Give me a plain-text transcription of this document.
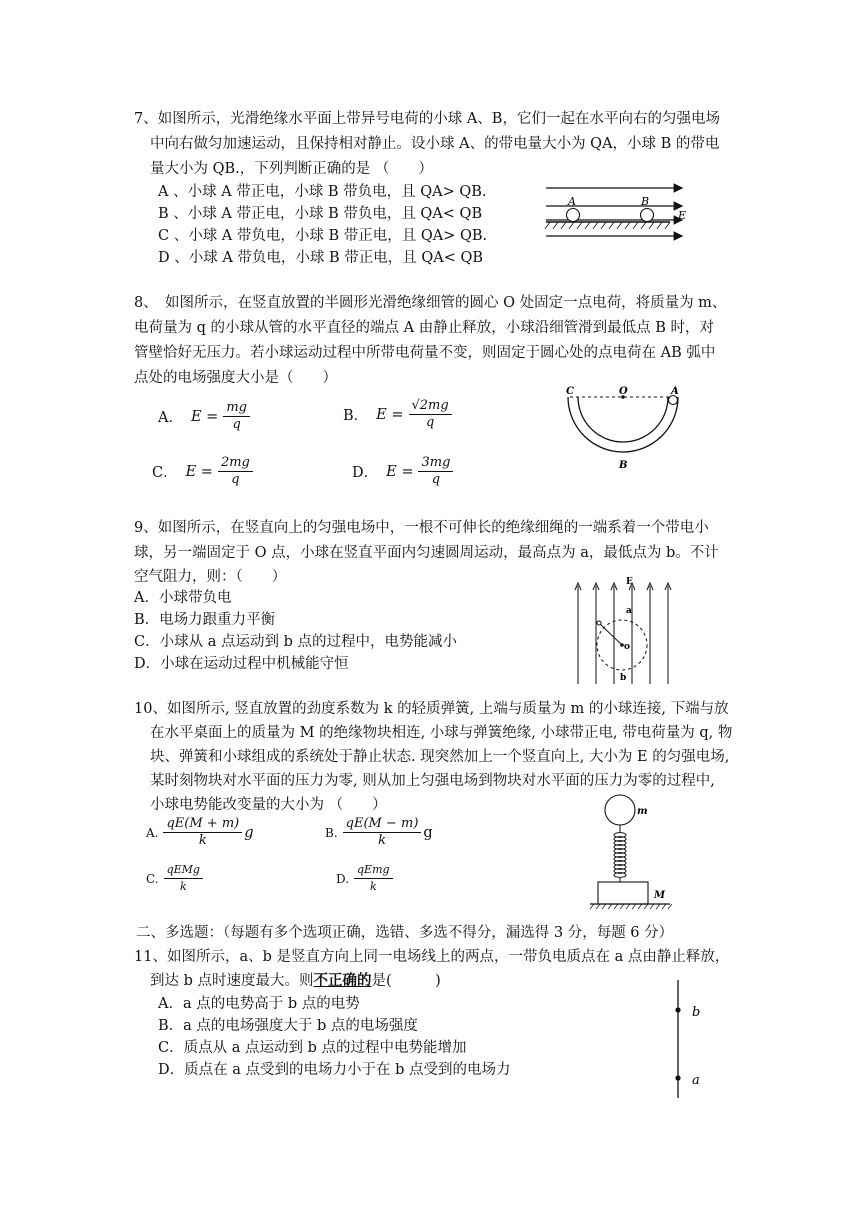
7、如图所示，光滑绝缘水平面上带异号电荷的小球 A、B，它们一起在水平向右的匀强电场
中向右做匀加速运动，且保持相对静止。设小球 A、的带电量大小为 QA，小球 B 的带电
量大小为 QB.，下列判断正确的是 （　　）
A 、小球 A 带正电，小球 B 带负电，且 QA> QB.
B 、小球 A 带正电，小球 B 带负电，且 QA< QB
C 、小球 A 带负电，小球 B 带正电，且 QA> QB.
D 、小球 A 带负电，小球 B 带正电，且 QA< QB
A	B
E
8、　如图所示，在竖直放置的半圆形光滑绝缘细管的圆心 O 处固定一点电荷，将质量为 m、
电荷量为 q 的小球从管的水平直径的端点 A 由静止释放，小球沿细管滑到最低点 B 时，对
管壁恰好无压力。若小球运动过程中所带电荷量不变，则固定于圆心处的点电荷在 AB 弧中
点处的电场强度大小是（　　）
A． $E = \frac{mg}{q}$	B． $E = \frac{√2mg}{q}$
C． $E = \frac{2mg}{q}$	D． $E = \frac{3mg}{q}$
C	O	A
B
9、如图所示，在竖直向上的匀强电场中，一根不可伸长的绝缘细绳的一端系着一个带电小
球，另一端固定于 O 点，小球在竖直平面内匀速圆周运动，最高点为 a，最低点为 b。不计
空气阻力，则：（　　）
A．小球带负电
B．电场力跟重力平衡
C．小球从 a 点运动到 b 点的过程中，电势能减小
D．小球在运动过程中机械能守恒
E
a
o
b
10、如图所示, 竖直放置的劲度系数为 k 的轻质弹簧, 上端与质量为 m 的小球连接, 下端与放
在水平桌面上的质量为 M 的绝缘物块相连, 小球与弹簧绝缘, 小球带正电, 带电荷量为 q, 物
块、弹簧和小球组成的系统处于静止状态. 现突然加上一个竖直向上, 大小为 E 的匀强电场,
某时刻物块对水平面的压力为零, 则从加上匀强电场到物块对水平面的压力为零的过程中,
小球电势能改变量的大小为 （　　）
A. $\frac{qE(M + m)}{k}$ g	B. $\frac{qE(M - m)}{k}$ g
C. $\frac{\text{qEMg}}{k}$	D. $\frac{\text{qEmg}}{k}$
m
M
二、多选题：（每题有多个选项正确，选错、多选不得分，漏选得 3 分，每题 6 分）
11、如图所示，a、b 是竖直方向上同一电场线上的两点，一带负电质点在 a 点由静止释放，
到达 b 点时速度最大。则不正确的是(　　　)
A．a 点的电势高于 b 点的电势
B．a 点的电场强度大于 b 点的电场强度
C．质点从 a 点运动到 b 点的过程中电势能增加
D．质点在 a 点受到的电场力小于在 b 点受到的电场力
b
a
